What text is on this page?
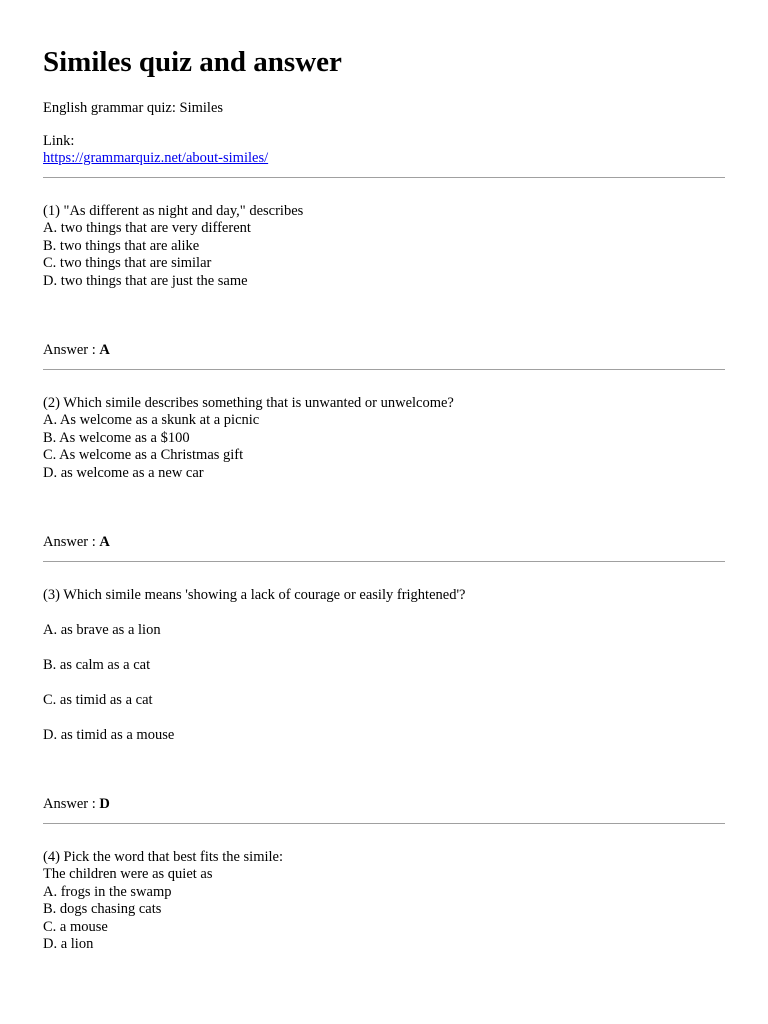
Similes quiz and answer
English grammar quiz: Similes
Link:
https://grammarquiz.net/about-similes/
(1) "As different as night and day," describes
A. two things that are very different
B. two things that are alike
C. two things that are similar
D. two things that are just the same
Answer : A
(2) Which simile describes something that is unwanted or unwelcome?
A. As welcome as a skunk at a picnic
B. As welcome as a $100
C. As welcome as a Christmas gift
D. as welcome as a new car
Answer : A
(3) Which simile means 'showing a lack of courage or easily frightened'?
A. as brave as a lion
B. as calm as a cat
C. as timid as a cat
D. as timid as a mouse
Answer : D
(4) Pick the word that best fits the simile:
The children were as quiet as
A. frogs in the swamp
B. dogs chasing cats
C. a mouse
D. a lion
